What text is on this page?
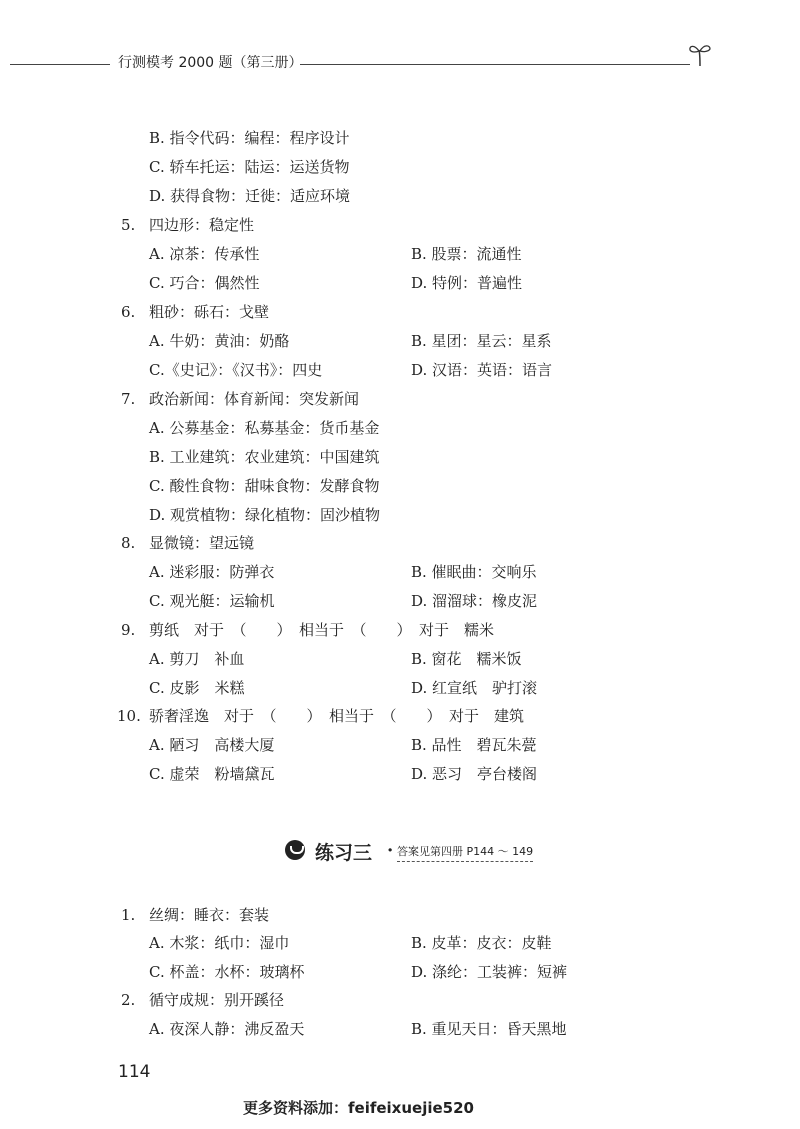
行测模考 2000 题（第三册）
B. 指令代码：编程：程序设计
C. 轿车托运：陆运：运送货物
D. 获得食物：迁徙：适应环境
5. 四边形：稳定性
A. 凉茶：传承性	B. 股票：流通性
C. 巧合：偶然性	D. 特例：普遍性
6. 粗砂：砾石：戈壁
A. 牛奶：黄油：奶酪	B. 星团：星云：星系
C.《史记》：《汉书》：四史	D. 汉语：英语：语言
7. 政治新闻：体育新闻：突发新闻
A. 公募基金：私募基金：货币基金
B. 工业建筑：农业建筑：中国建筑
C. 酸性食物：甜味食物：发酵食物
D. 观赏植物：绿化植物：固沙植物
8. 显微镜：望远镜
A. 迷彩服：防弹衣	B. 催眠曲：交响乐
C. 观光艇：运输机	D. 溜溜球：橡皮泥
9. 剪纸　对于　（　　）　相当于　（　　）　对于　糯米
A. 剪刀　补血	B. 窗花　糯米饭
C. 皮影　米糕	D. 红宣纸　驴打滚
10. 骄奢淫逸　对于　（　　）　相当于　（　　）　对于　建筑
A. 陋习　高楼大厦	B. 品性　碧瓦朱甍
C. 虚荣　粉墙黛瓦	D. 恶习　亭台楼阁
练习三 · 答案见第四册 P144 ～ 149
1. 丝绸：睡衣：套装
A. 木浆：纸巾：湿巾	B. 皮革：皮衣：皮鞋
C. 杯盖：水杯：玻璃杯	D. 涤纶：工装裤：短裤
2. 循守成规：别开蹊径
A. 夜深人静：沸反盈天	B. 重见天日：昏天黑地
114
更多资料添加：feifeixuejie520
